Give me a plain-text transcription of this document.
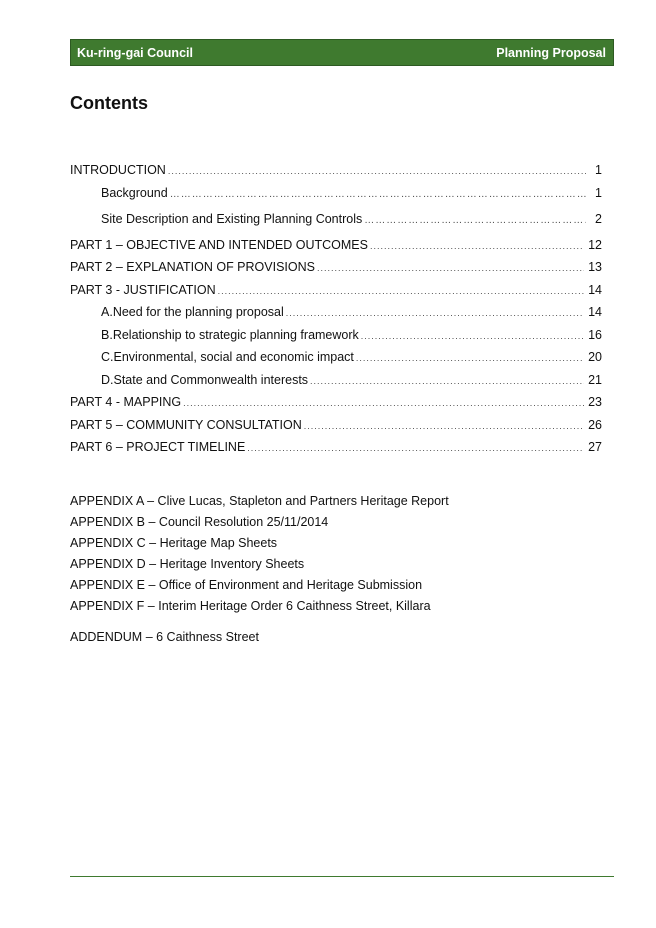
Ku-ring-gai Council	Planning Proposal
Contents
INTRODUCTION .....	1
Background …………………………………………………………………………………………………………………………………………………………………	1
Site Description and Existing Planning Controls …………………………………………………………………………………………………………………………………………………………………	2
PART 1 – OBJECTIVE AND INTENDED OUTCOMES .....	12
PART 2 – EXPLANATION OF PROVISIONS .....	13
PART 3 - JUSTIFICATION .....	14
A. Need for the planning proposal .....	14
B. Relationship to strategic planning framework .....	16
C. Environmental, social and economic impact .....	20
D. State and Commonwealth interests .....	21
PART 4 - MAPPING .....	23
PART 5 – COMMUNITY CONSULTATION .....	26
PART 6 – PROJECT TIMELINE .....	27
APPENDIX A – Clive Lucas, Stapleton and Partners Heritage Report
APPENDIX B – Council Resolution 25/11/2014
APPENDIX C – Heritage Map Sheets
APPENDIX D – Heritage Inventory Sheets
APPENDIX E – Office of Environment and Heritage Submission
APPENDIX F – Interim Heritage Order 6 Caithness Street, Killara
ADDENDUM – 6 Caithness Street
